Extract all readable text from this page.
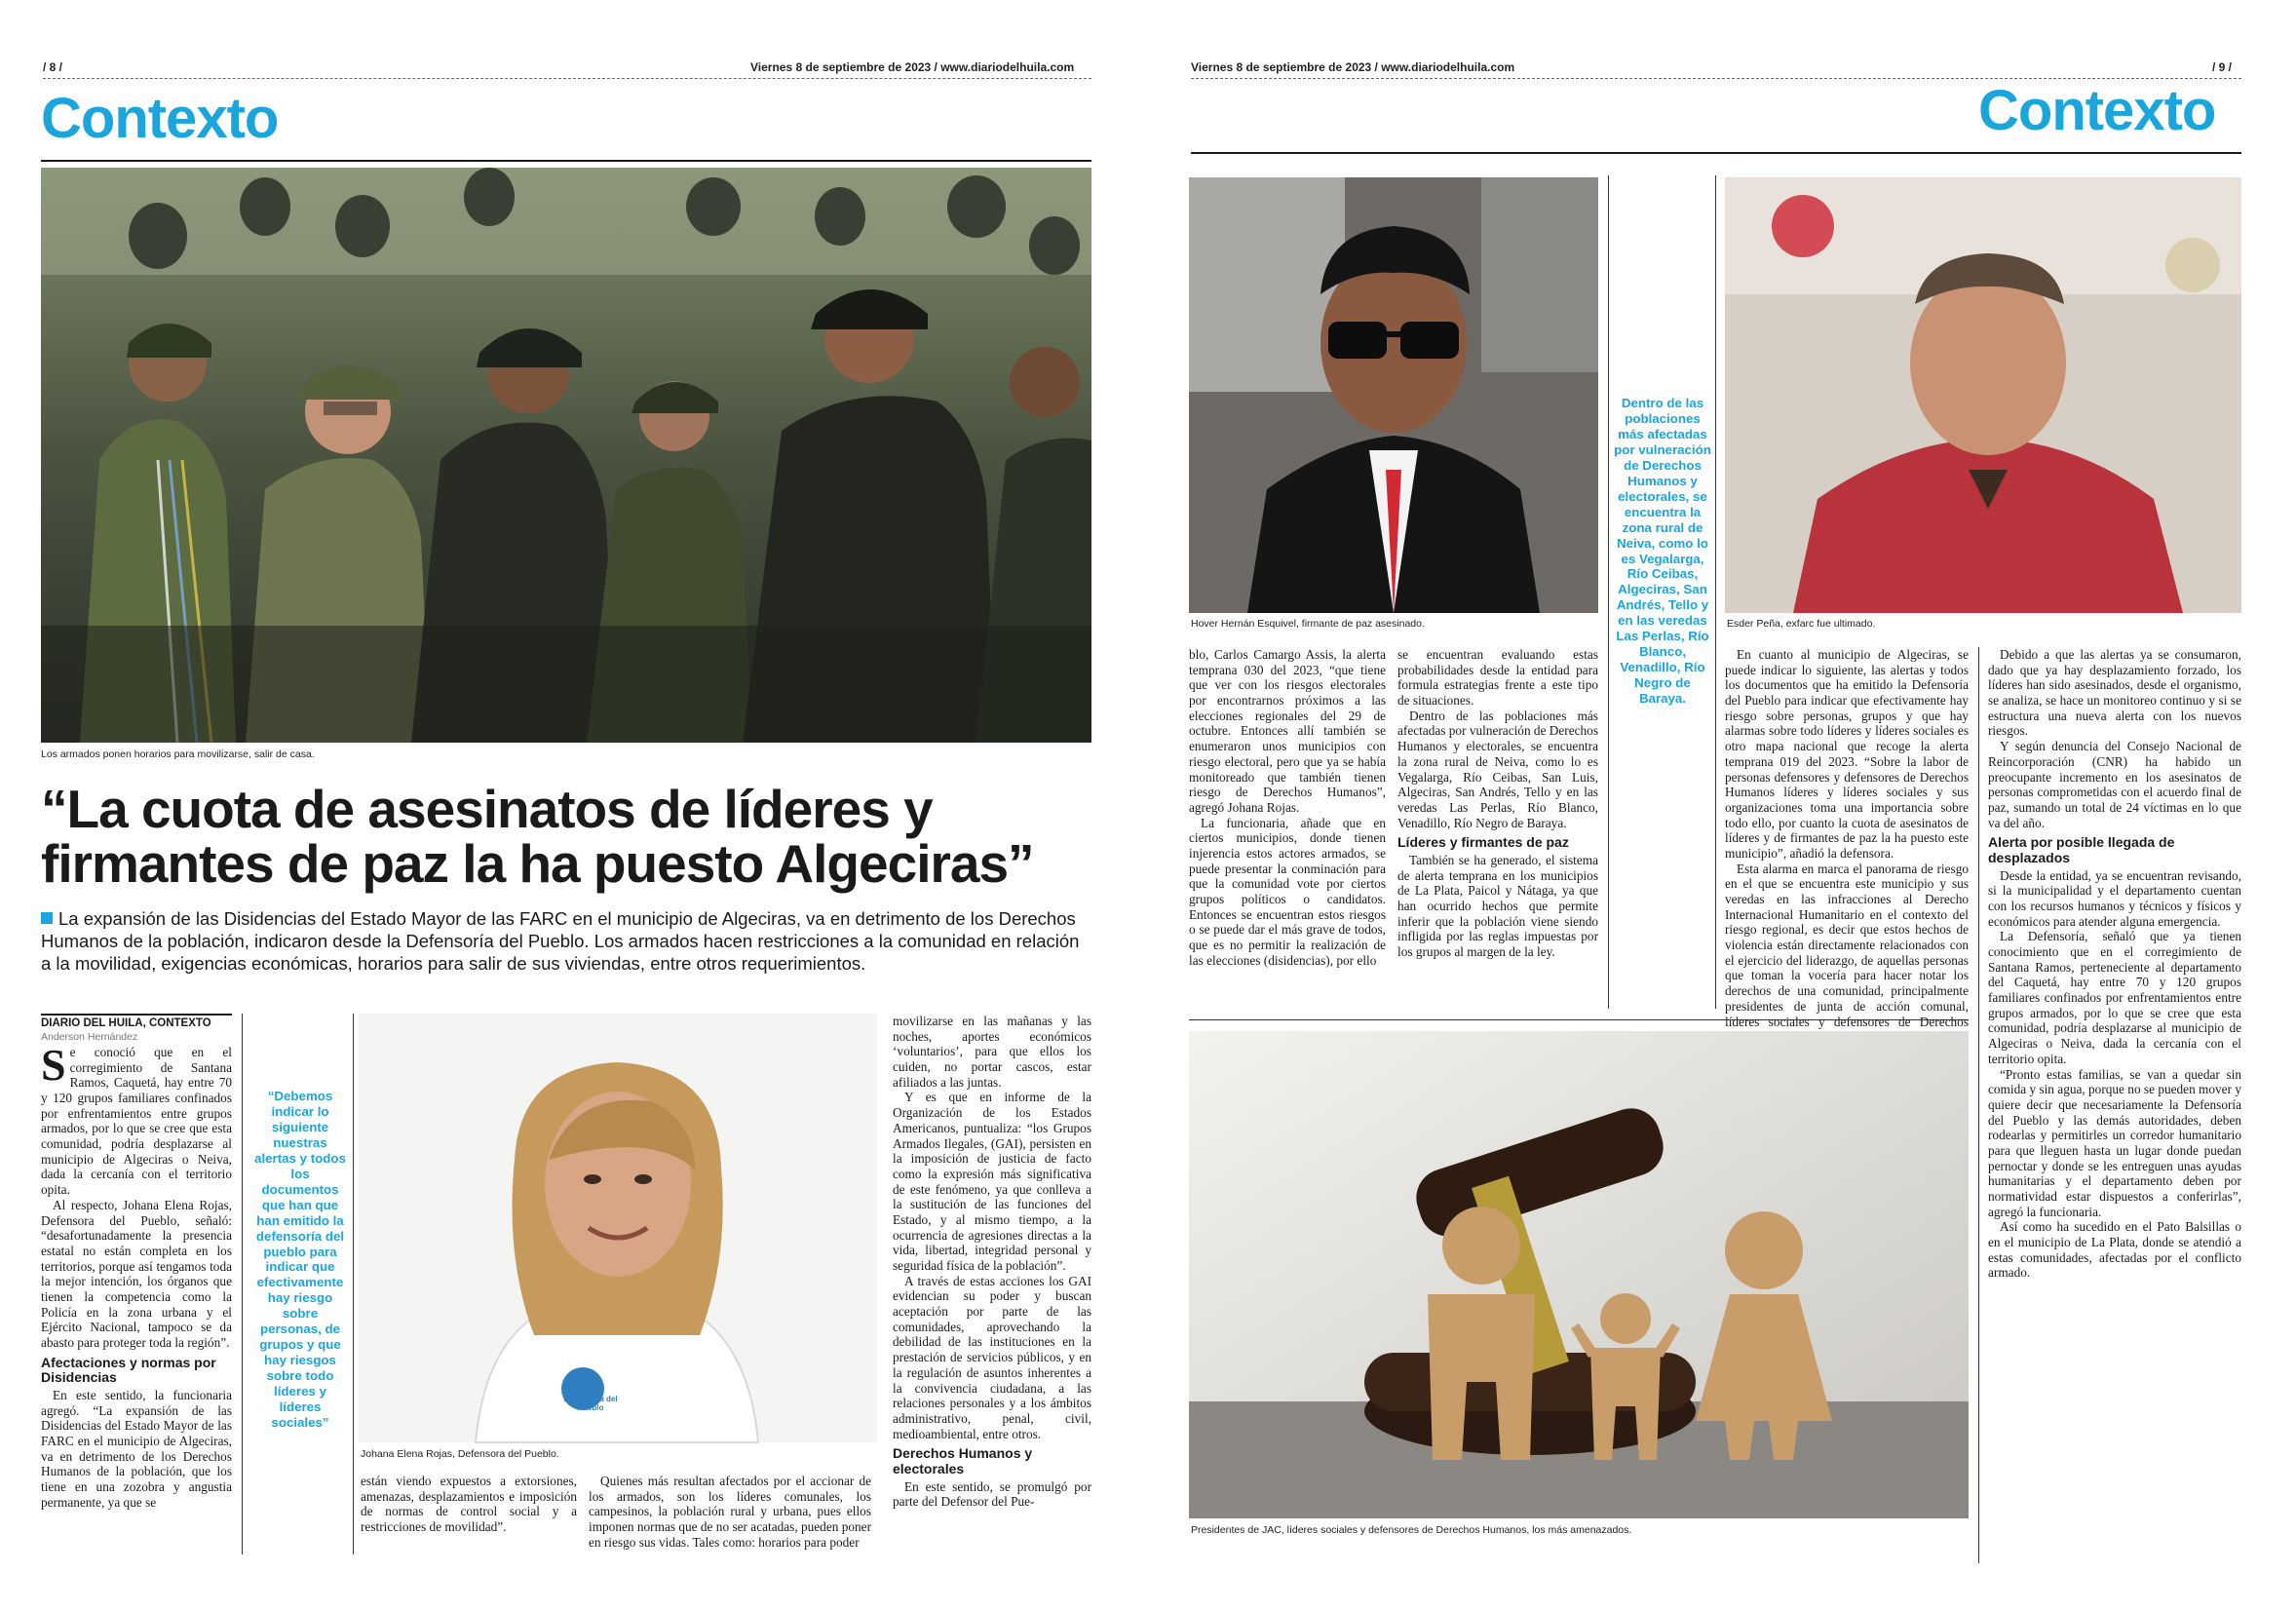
/ 8 /	Viernes 8 de septiembre de 2023 / www.diariodelhuila.com
Contexto
Los armados ponen horarios para movilizarse, salir de casa.
“La cuota de asesinatos de líderes y firmantes de paz la ha puesto Algeciras”
La expansión de las Disidencias del Estado Mayor de las FARC en el municipio de Algeciras, va en detrimento de los Derechos Humanos de la población, indicaron desde la Defensoría del Pueblo. Los armados hacen restricciones a la comunidad en relación a la movilidad, exigencias económicas, horarios para salir de sus viviendas, entre otros requerimientos.
DIARIO DEL HUILA, CONTEXTO
Anderson Hernández

Se conoció que en el corregimiento de Santana Ramos, Caquetá, hay entre 70 y 120 grupos familiares confinados por enfrentamientos entre grupos armados, por lo que se cree que esta comunidad, podría desplazarse al municipio de Algeciras o Neiva, dada la cercanía con el territorio opita.

Al respecto, Johana Elena Rojas, Defensora del Pueblo, señaló: “desafortunadamente la presencia estatal no están completa en los territorios, porque así tengamos toda la mejor intención, los órganos que tienen la competencia como la Policía en la zona urbana y el Ejército Nacional, tampoco se da abasto para proteger toda la región”.

Afectaciones y normas por Disidencias

En este sentido, la funcionaria agregó. “La expansión de las Disidencias del Estado Mayor de las FARC en el municipio de Algeciras, va en detrimento de los Derechos Humanos de la población, que los tiene en una zozobra y angustia permanente, ya que se

“Debemos indicar lo siguiente nuestras alertas y todos los documentos que han que han emitido la defensoría del pueblo para indicar que efectivamente hay riesgo sobre personas, de grupos y que hay riesgos sobre todo líderes y líderes sociales”
Defensoría del Pueblo
Johana Elena Rojas, Defensora del Pueblo.

están viendo expuestos a extorsiones, amenazas, desplazamientos e imposición de normas de control social y a restricciones de movilidad”.

Quienes más resultan afectados por el accionar de los armados, son los líderes comunales, los campesinos, la población rural y urbana, pues ellos imponen normas que de no ser acatadas, pueden poner en riesgo sus vidas. Tales como: horarios para poder

movilizarse en las mañanas y las noches, aportes económicos ‘voluntarios’, para que ellos los cuiden, no portar cascos, estar afiliados a las juntas.

Y es que en informe de la Organización de los Estados Americanos, puntualiza: “los Grupos Armados Ilegales, (GAI), persisten en la imposición de justicia de facto como la expresión más significativa de este fenómeno, ya que conlleva a la sustitución de las funciones del Estado, y al mismo tiempo, a la ocurrencia de agresiones directas a la vida, libertad, integridad personal y seguridad física de la población”.

A través de estas acciones los GAI evidencian su poder y buscan aceptación por parte de las comunidades, aprovechando la debilidad de las instituciones en la prestación de servicios públicos, y en la regulación de asuntos inherentes a la convivencia ciudadana, a las relaciones personales y a los ámbitos administrativo, penal, civil, medioambiental, entre otros.

Derechos Humanos y electorales

En este sentido, se promulgó por parte del Defensor del Pue-

Viernes 8 de septiembre de 2023 / www.diariodelhuila.com	/ 9 /
Contexto
Hover Hernán Esquivel, firmante de paz asesinado.
Dentro de las poblaciones más afectadas por vulneración de Derechos Humanos y electorales, se encuentra la zona rural de Neiva, como lo es Vegalarga, Río Ceibas, Algeciras, San Andrés, Tello y en las veredas Las Perlas, Río Blanco, Venadillo, Río Negro de Baraya.
Esder Peña, exfarc fue ultimado.

blo, Carlos Camargo Assis, la alerta temprana 030 del 2023, “que tiene que ver con los riesgos electorales por encontrarnos próximos a las elecciones regionales del 29 de octubre. Entonces allí también se enumeraron unos municipios con riesgo electoral, pero que ya se había monitoreado que también tienen riesgo de Derechos Humanos”, agregó Johana Rojas.

La funcionaria, añade que en ciertos municipios, donde tienen injerencia estos actores armados, se puede presentar la conminación para que la comunidad vote por ciertos grupos políticos o candidatos. Entonces se encuentran estos riesgos o se puede dar el más grave de todos, que es no permitir la realización de las elecciones (disidencias), por ello

se encuentran evaluando estas probabilidades desde la entidad para formula estrategias frente a este tipo de situaciones.

Dentro de las poblaciones más afectadas por vulneración de Derechos Humanos y electorales, se encuentra la zona rural de Neiva, como lo es Vegalarga, Río Ceibas, San Luis, Algeciras, San Andrés, Tello y en las veredas Las Perlas, Río Blanco, Venadillo, Río Negro de Baraya.

Líderes y firmantes de paz

También se ha generado, el sistema de alerta temprana en los municipios de La Plata, Paicol y Nátaga, ya que han ocurrido hechos que permite inferir que la población viene siendo infligida por las reglas impuestas por los grupos al margen de la ley.

En cuanto al municipio de Algeciras, se puede indicar lo siguiente, las alertas y todos los documentos que ha emitido la Defensoría del Pueblo para indicar que efectivamente hay riesgo sobre personas, grupos y que hay alarmas sobre todo líderes y líderes sociales es otro mapa nacional que recoge la alerta temprana 019 del 2023. “Sobre la labor de personas defensores y defensores de Derechos Humanos líderes y líderes sociales y sus organizaciones toma una importancia sobre todo ello, por cuanto la cuota de asesinatos de líderes y de firmantes de paz la ha puesto este municipio”, añadió la defensora.

Esta alarma en marca el panorama de riesgo en el que se encuentra este municipio y sus veredas en las infracciones al Derecho Internacional Humanitario en el contexto del riesgo regional, es decir que estos hechos de violencia están directamente relacionados con el ejercicio del liderazgo, de aquellas personas que toman la vocería para hacer notar los derechos de una comunidad, principalmente presidentes de junta de acción comunal, líderes sociales y defensores de Derechos

Debido a que las alertas ya se consumaron, dado que ya hay desplazamiento forzado, los líderes han sido asesinados, desde el organismo, se analiza, se hace un monitoreo continuo y si se estructura una nueva alerta con los nuevos riesgos.

Y según denuncia del Consejo Nacional de Reincorporación (CNR) ha habido un preocupante incremento en los asesinatos de personas comprometidas con el acuerdo final de paz, sumando un total de 24 víctimas en lo que va del año.

Alerta por posible llegada de desplazados

Desde la entidad, ya se encuentran revisando, si la municipalidad y el departamento cuentan con los recursos humanos y técnicos y físicos y económicos para atender alguna emergencia.

La Defensoría, señaló que ya tienen conocimiento que en el corregimiento de Santana Ramos, perteneciente al departamento del Caquetá, hay entre 70 y 120 grupos familiares confinados por enfrentamientos entre grupos armados, por lo que se cree que esta comunidad, podría desplazarse al municipio de Algeciras o Neiva, dada la cercanía con el territorio opita.

“Pronto estas familias, se van a quedar sin comida y sin agua, porque no se pueden mover y quiere decir que necesariamente la Defensoría del Pueblo y las demás autoridades, deben rodearlas y permitirles un corredor humanitario para que lleguen hasta un lugar donde puedan pernoctar y donde se les entreguen unas ayudas humanitarias y el departamento deben por normatividad estar dispuestos a conferirlas”, agregó la funcionaria.

Así como ha sucedido en el Pato Balsillas o en el municipio de La Plata, donde se atendió a estas comunidades, afectadas por el conflicto armado.

Presidentes de JAC, líderes sociales y defensores de Derechos Humanos, los más amenazados.
